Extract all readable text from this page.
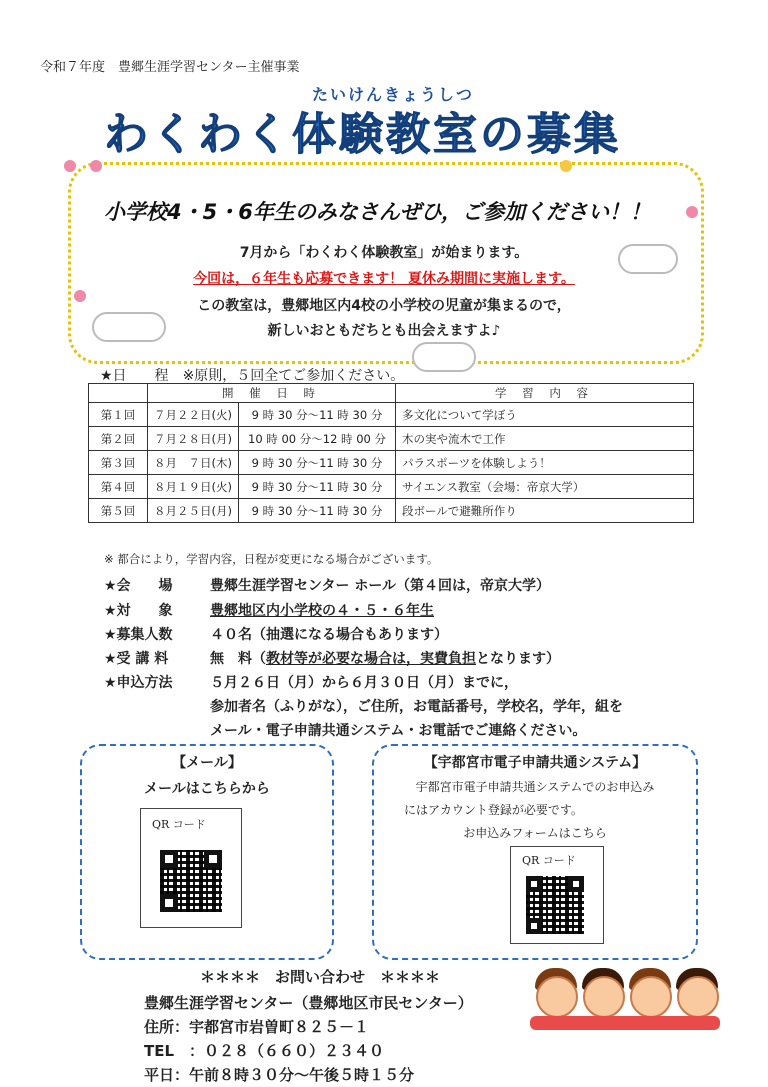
令和７年度　豊郷生涯学習センター主催事業
たいけんきょうしつ
わくわく体験教室の募集
小学校4・5・6年生のみなさんぜひ，ご参加ください！！
7月から「わくわく体験教室」が始まります。
今回は，６年生も応募できます！ 夏休み期間に実施します。
この教室は，豊郷地区内4校の小学校の児童が集まるので，
新しいおともだちとも出会えますよ♪
★日　　程　 ※原則，５回全てご参加ください。
	開 催 日 時		学 習 内 容
第１回	７月２２日(火)	9 時 30 分～11 時 30 分	多文化について学ぼう
第２回	７月２８日(月)	10 時 00 分～12 時 00 分	木の実や流木で工作
第３回	８月　７日(木)	9 時 30 分～11 時 30 分	パラスポーツを体験しよう！
第４回	８月１９日(火)	9 時 30 分～11 時 30 分	サイエンス教室（会場：帝京大学）
第５回	８月２５日(月)	9 時 30 分～11 時 30 分	段ボールで避難所作り
※ 都合により，学習内容，日程が変更になる場合がございます。
★会　　場	豊郷生涯学習センター ホール（第４回は，帝京大学）
★対　　象	豊郷地区内小学校の４・５・６年生
★募集人数	４０名（抽選になる場合もあります）
★受 講 料	無　料（教材等が必要な場合は，実費負担となります）
★申込方法	５月２６日（月）から６月３０日（月）までに，
参加者名（ふりがな），ご住所，お電話番号，学校名，学年，組を
メール・電子申請共通システム・お電話でご連絡ください。
【メール】
メールはこちらから
QR コード
【宇都宮市電子申請共通システム】
宇都宮市電子申請共通システムでのお申込み
にはアカウント登録が必要です。
お申込みフォームはこちら
QR コード
＊＊＊＊　お問い合わせ　＊＊＊＊
豊郷生涯学習センター（豊郷地区市民センター）
住所：宇都宮市岩曽町８２５－１
TEL　：０２８（６６０）２３４０
平日：午前８時３０分～午後５時１５分
